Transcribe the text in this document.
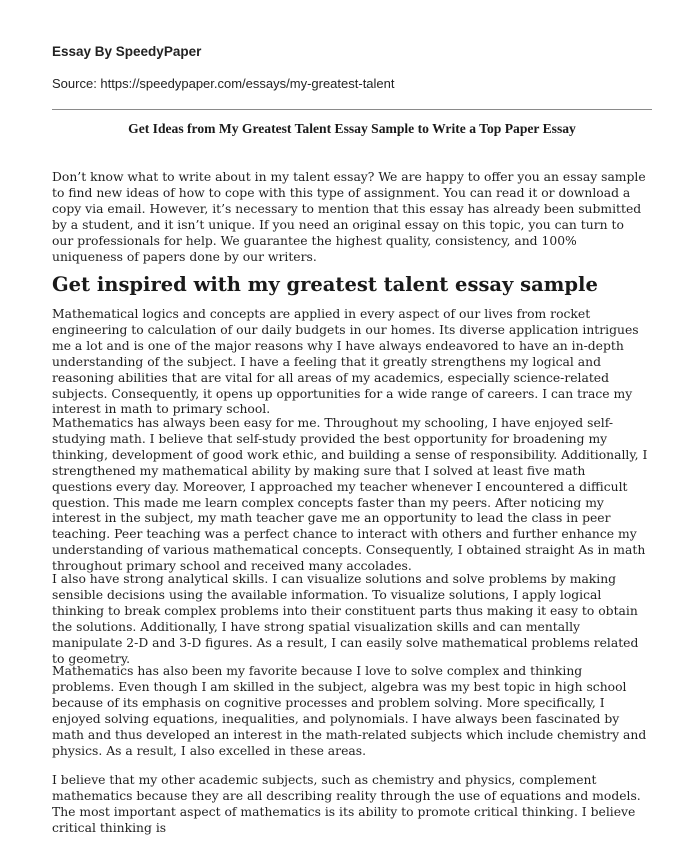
Essay By SpeedyPaper
Source: https://speedypaper.com/essays/my-greatest-talent
Get Ideas from My Greatest Talent Essay Sample to Write a Top Paper Essay

Don’t know what to write about in my talent essay? We are happy to offer you an essay sample to find new ideas of how to cope with this type of assignment. You can read it or download a copy via email. However, it’s necessary to mention that this essay has already been submitted by a student, and it isn’t unique. If you need an original essay on this topic, you can turn to our professionals for help. We guarantee the highest quality, consistency, and 100% uniqueness of papers done by our writers.

Get inspired with my greatest talent essay sample

Mathematical logics and concepts are applied in every aspect of our lives from rocket engineering to calculation of our daily budgets in our homes. Its diverse application intrigues me a lot and is one of the major reasons why I have always endeavored to have an in-depth understanding of the subject. I have a feeling that it greatly strengthens my logical and reasoning abilities that are vital for all areas of my academics, especially science-related subjects. Consequently, it opens up opportunities for a wide range of careers. I can trace my interest in math to primary school.

Mathematics has always been easy for me. Throughout my schooling, I have enjoyed self-studying math. I believe that self-study provided the best opportunity for broadening my thinking, development of good work ethic, and building a sense of responsibility. Additionally, I strengthened my mathematical ability by making sure that I solved at least five math questions every day. Moreover, I approached my teacher whenever I encountered a difficult question. This made me learn complex concepts faster than my peers. After noticing my interest in the subject, my math teacher gave me an opportunity to lead the class in peer teaching. Peer teaching was a perfect chance to interact with others and further enhance my understanding of various mathematical concepts. Consequently, I obtained straight As in math throughout primary school and received many accolades.

I also have strong analytical skills. I can visualize solutions and solve problems by making sensible decisions using the available information. To visualize solutions, I apply logical thinking to break complex problems into their constituent parts thus making it easy to obtain the solutions. Additionally, I have strong spatial visualization skills and can mentally manipulate 2-D and 3-D figures. As a result, I can easily solve mathematical problems related to geometry.

Mathematics has also been my favorite because I love to solve complex and thinking problems. Even though I am skilled in the subject, algebra was my best topic in high school because of its emphasis on cognitive processes and problem solving. More specifically, I enjoyed solving equations, inequalities, and polynomials. I have always been fascinated by math and thus developed an interest in the math-related subjects which include chemistry and physics. As a result, I also excelled in these areas.

I believe that my other academic subjects, such as chemistry and physics, complement mathematics because they are all describing reality through the use of equations and models. The most important aspect of mathematics is its ability to promote critical thinking. I believe critical thinking is
